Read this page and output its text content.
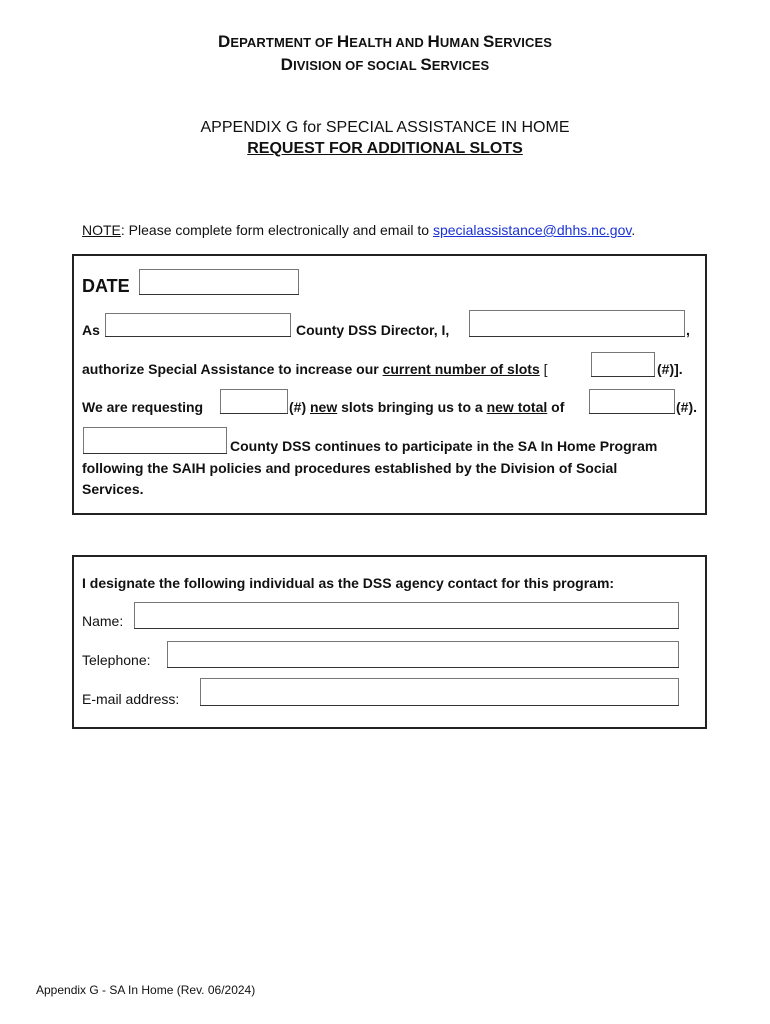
DEPARTMENT OF HEALTH AND HUMAN SERVICES
DIVISION OF SOCIAL SERVICES
APPENDIX G for SPECIAL ASSISTANCE IN HOME
REQUEST FOR ADDITIONAL SLOTS
NOTE: Please complete form electronically and email to specialassistance@dhhs.nc.gov.
DATE
As	County DSS Director, I,	,
authorize Special Assistance to increase our current number of slots [	(#)].
We are requesting	(#) new slots bringing us to a new total of	(#).
County DSS continues to participate in the SA In Home Program
following the SAIH policies and procedures established by the Division of Social
Services.
I designate the following individual as the DSS agency contact for this program:
Name:
Telephone:
E-mail address:
Appendix G - SA In Home (Rev. 06/2024)
